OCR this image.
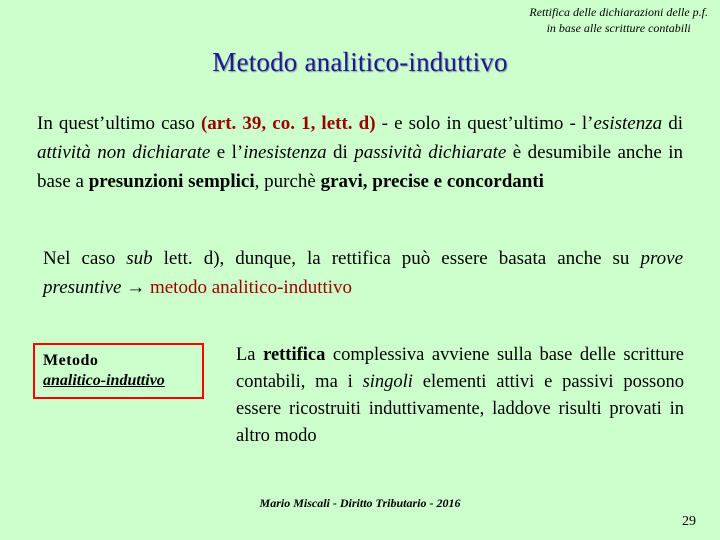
Rettifica delle dichiarazioni delle p.f.
in base alle scritture contabili
Metodo analitico-induttivo
In quest’ultimo caso (art. 39, co. 1, lett. d) - e solo in quest’ultimo - l’esistenza di attività non dichiarate e l’inesistenza di passività dichiarate è desumibile anche in base a presunzioni semplici, purchè gravi, precise e concordanti
Nel caso sub lett. d), dunque, la rettifica può essere basata anche su prove presuntive → metodo analitico-induttivo
Metodo
analitico-induttivo
La rettifica complessiva avviene sulla base delle scritture contabili, ma i singoli elementi attivi e passivi possono essere ricostruiti induttivamente, laddove risulti provati in altro modo
Mario Miscali - Diritto Tributario - 2016
29
